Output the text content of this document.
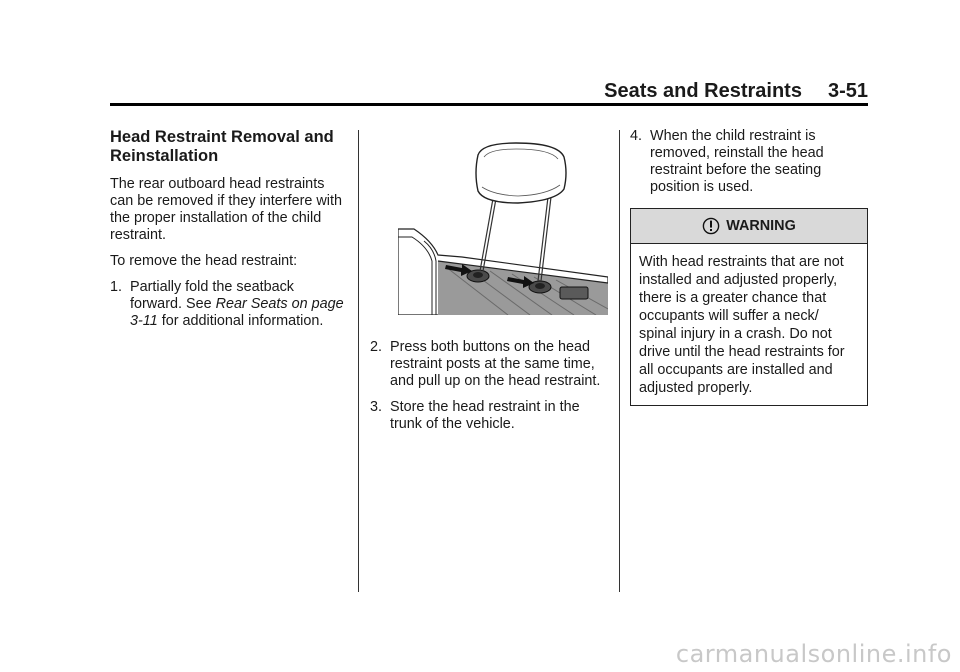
Seats and Restraints 3-51
Head Restraint Removal and
Reinstallation

The rear outboard head restraints can be removed if they interfere with the proper installation of the child restraint.

To remove the head restraint:

1. Partially fold the seatback forward. See Rear Seats on page 3-11 for additional information.
2. Press both buttons on the head restraint posts at the same time, and pull up on the head restraint.
3. Store the head restraint in the trunk of the vehicle.
4. When the child restraint is removed, reinstall the head restraint before the seating position is used.
WARNING
With head restraints that are not installed and adjusted properly, there is a greater chance that occupants will suffer a neck/ spinal injury in a crash. Do not drive until the head restraints for all occupants are installed and adjusted properly.
carmanualsonline.info
